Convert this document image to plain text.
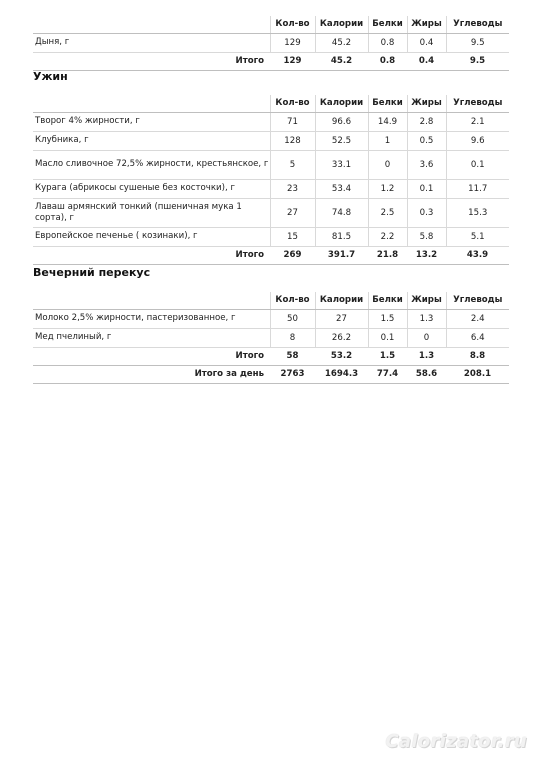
	Кол-во	Калории	Белки	Жиры	Углеводы
Дыня, г	129	45.2	0.8	0.4	9.5
Итого	129	45.2	0.8	0.4	9.5
Ужин
	Кол-во	Калории	Белки	Жиры	Углеводы
Творог 4% жирности, г	71	96.6	14.9	2.8	2.1
Клубника, г	128	52.5	1	0.5	9.6
Масло сливочное 72,5% жирности, крестьянское, г	5	33.1	0	3.6	0.1
Курага (абрикосы сушеные без косточки), г	23	53.4	1.2	0.1	11.7
Лаваш армянский тонкий (пшеничная мука 1 сорта), г	27	74.8	2.5	0.3	15.3
Европейское печенье ( козинаки), г	15	81.5	2.2	5.8	5.1
Итого	269	391.7	21.8	13.2	43.9
Вечерний перекус
	Кол-во	Калории	Белки	Жиры	Углеводы
Молоко 2,5% жирности, пастеризованное, г	50	27	1.5	1.3	2.4
Мед пчелиный, г	8	26.2	0.1	0	6.4
Итого	58	53.2	1.5	1.3	8.8
Итого за день	2763	1694.3	77.4	58.6	208.1
Calorizator.ru
